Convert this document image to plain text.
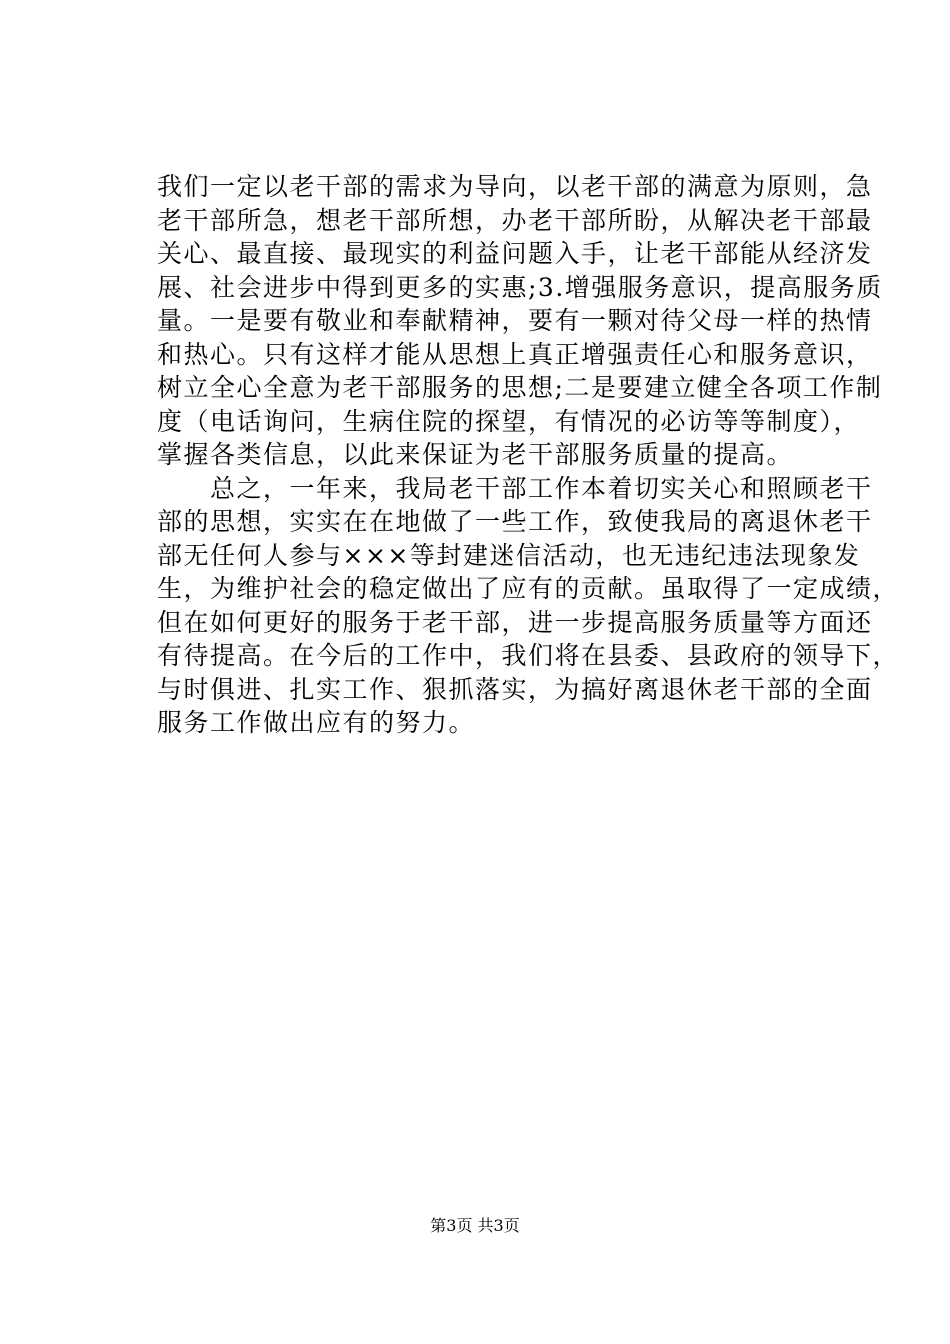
我们一定以老干部的需求为导向，以老干部的满意为原则，急
老干部所急，想老干部所想，办老干部所盼，从解决老干部最
关心、最直接、最现实的利益问题入手，让老干部能从经济发
展、社会进步中得到更多的实惠;3.增强服务意识，提高服务质
量。一是要有敬业和奉献精神，要有一颗对待父母一样的热情
和热心。只有这样才能从思想上真正增强责任心和服务意识，
树立全心全意为老干部服务的思想;二是要建立健全各项工作制
度（电话询问，生病住院的探望，有情况的必访等等制度），
掌握各类信息，以此来保证为老干部服务质量的提高。
　　总之，一年来，我局老干部工作本着切实关心和照顾老干
部的思想，实实在在地做了一些工作，致使我局的离退休老干
部无任何人参与×××等封建迷信活动，也无违纪违法现象发
生，为维护社会的稳定做出了应有的贡献。虽取得了一定成绩，
但在如何更好的服务于老干部，进一步提高服务质量等方面还
有待提高。在今后的工作中，我们将在县委、县政府的领导下，
与时俱进、扎实工作、狠抓落实，为搞好离退休老干部的全面
服务工作做出应有的努力。
第3页 共3页
